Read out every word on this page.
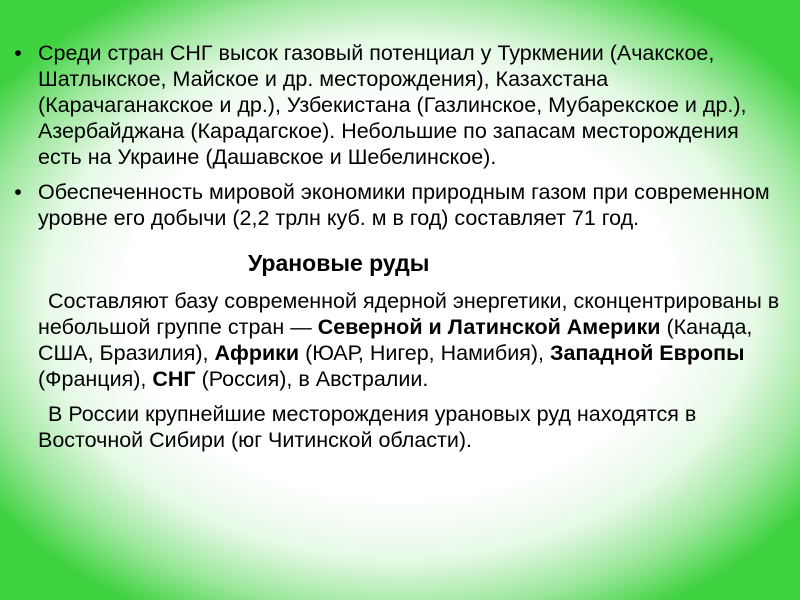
• Среди стран СНГ высок газовый потенциал у Туркмении (Ачакское, Шатлыкское, Майское и др. месторождения), Казахстана (Карачаганакское и др.), Узбекистана (Газлинское, Мубарекское и др.), Азербайджана (Карадагское). Небольшие по запасам месторождения есть на Украине (Дашавское и Шебелинское).
• Обеспеченность мировой экономики природным газом при современном уровне его добычи (2,2 трлн куб. м в год) составляет 71 год.
Урановые руды
Составляют базу современной ядерной энергетики, сконцентрированы в небольшой группе стран — Северной и Латинской Америки (Канада, США, Бразилия), Африки (ЮАР, Нигер, Намибия), Западной Европы (Франция), СНГ (Россия), в Австралии.
В России крупнейшие месторождения урановых руд находятся в Восточной Сибири (юг Читинской области).
